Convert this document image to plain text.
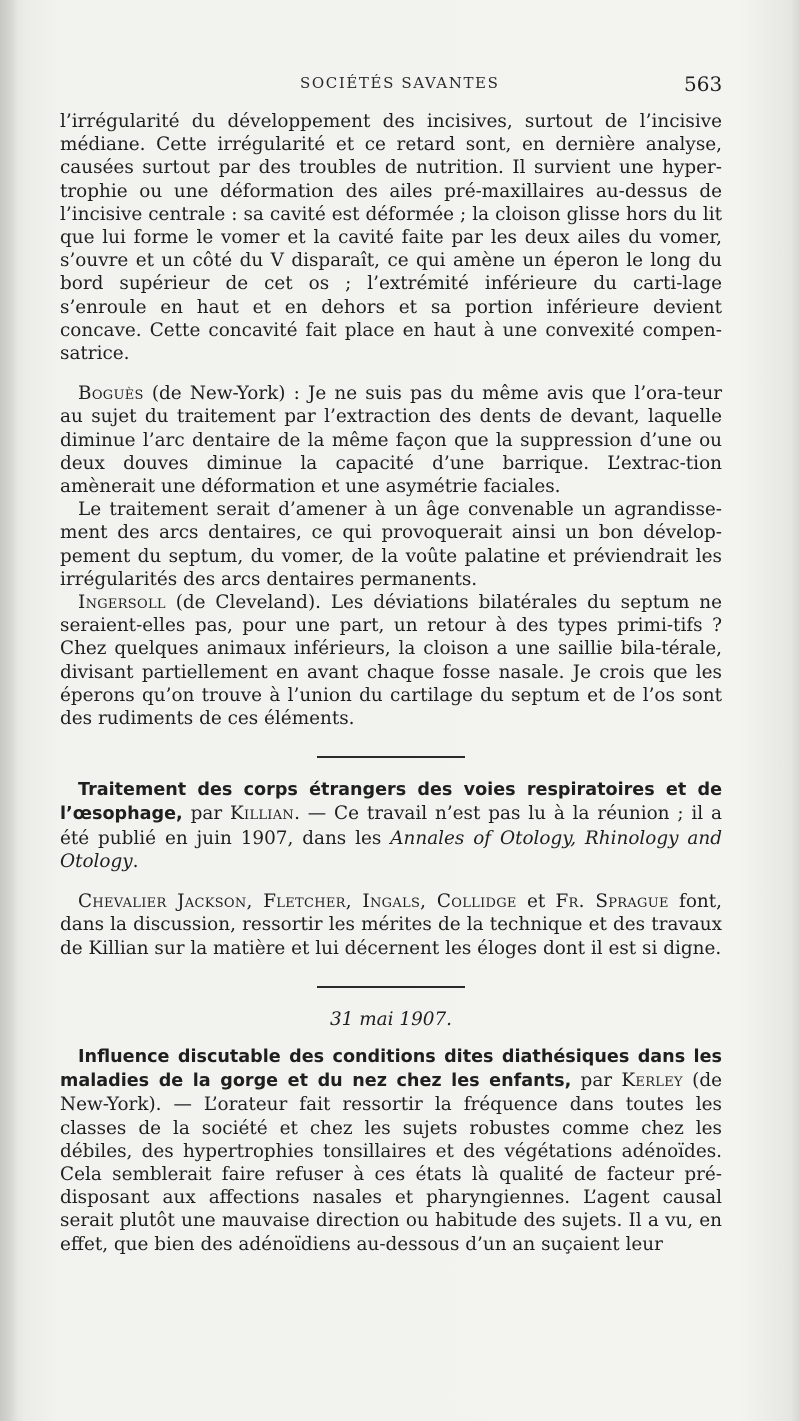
SOCIÉTÉS SAVANTES	563

l’irrégularité du développement des incisives, surtout de l’incisive médiane. Cette irrégularité et ce retard sont, en dernière analyse, causées surtout par des troubles de nutrition. Il survient une hyper-trophie ou une déformation des ailes pré-maxillaires au-dessus de l’incisive centrale : sa cavité est déformée ; la cloison glisse hors du lit que lui forme le vomer et la cavité faite par les deux ailes du vomer, s’ouvre et un côté du V disparaît, ce qui amène un éperon le long du bord supérieur de cet os ; l’extrémité inférieure du carti-lage s’enroule en haut et en dehors et sa portion inférieure devient concave. Cette concavité fait place en haut à une convexité compen-satrice.

Boguès (de New-York) : Je ne suis pas du même avis que l’ora-teur au sujet du traitement par l’extraction des dents de devant, laquelle diminue l’arc dentaire de la même façon que la suppression d’une ou deux douves diminue la capacité d’une barrique. L’extrac-tion amènerait une déformation et une asymétrie faciales.

Le traitement serait d’amener à un âge convenable un agrandisse-ment des arcs dentaires, ce qui provoquerait ainsi un bon dévelop-pement du septum, du vomer, de la voûte palatine et préviendrait les irrégularités des arcs dentaires permanents.

Ingersoll (de Cleveland). Les déviations bilatérales du septum ne seraient-elles pas, pour une part, un retour à des types primi-tifs ? Chez quelques animaux inférieurs, la cloison a une saillie bila-térale, divisant partiellement en avant chaque fosse nasale. Je crois que les éperons qu’on trouve à l’union du cartilage du septum et de l’os sont des rudiments de ces éléments.

Traitement des corps étrangers des voies respiratoires et de l’œsophage, par Killian. — Ce travail n’est pas lu à la réunion ; il a été publié en juin 1907, dans les Annales of Otology, Rhinology and Otology.

Chevalier Jackson, Fletcher, Ingals, Collidge et Fr. Sprague font, dans la discussion, ressortir les mérites de la technique et des travaux de Killian sur la matière et lui décernent les éloges dont il est si digne.

31 mai 1907.

Influence discutable des conditions dites diathésiques dans les maladies de la gorge et du nez chez les enfants, par Kerley (de New-York). — L’orateur fait ressortir la fréquence dans toutes les classes de la société et chez les sujets robustes comme chez les débiles, des hypertrophies tonsillaires et des végétations adénoïdes. Cela semblerait faire refuser à ces états là qualité de facteur pré-disposant aux affections nasales et pharyngiennes. L’agent causal serait plutôt une mauvaise direction ou habitude des sujets. Il a vu, en effet, que bien des adénoïdiens au-dessous d’un an suçaient leur
